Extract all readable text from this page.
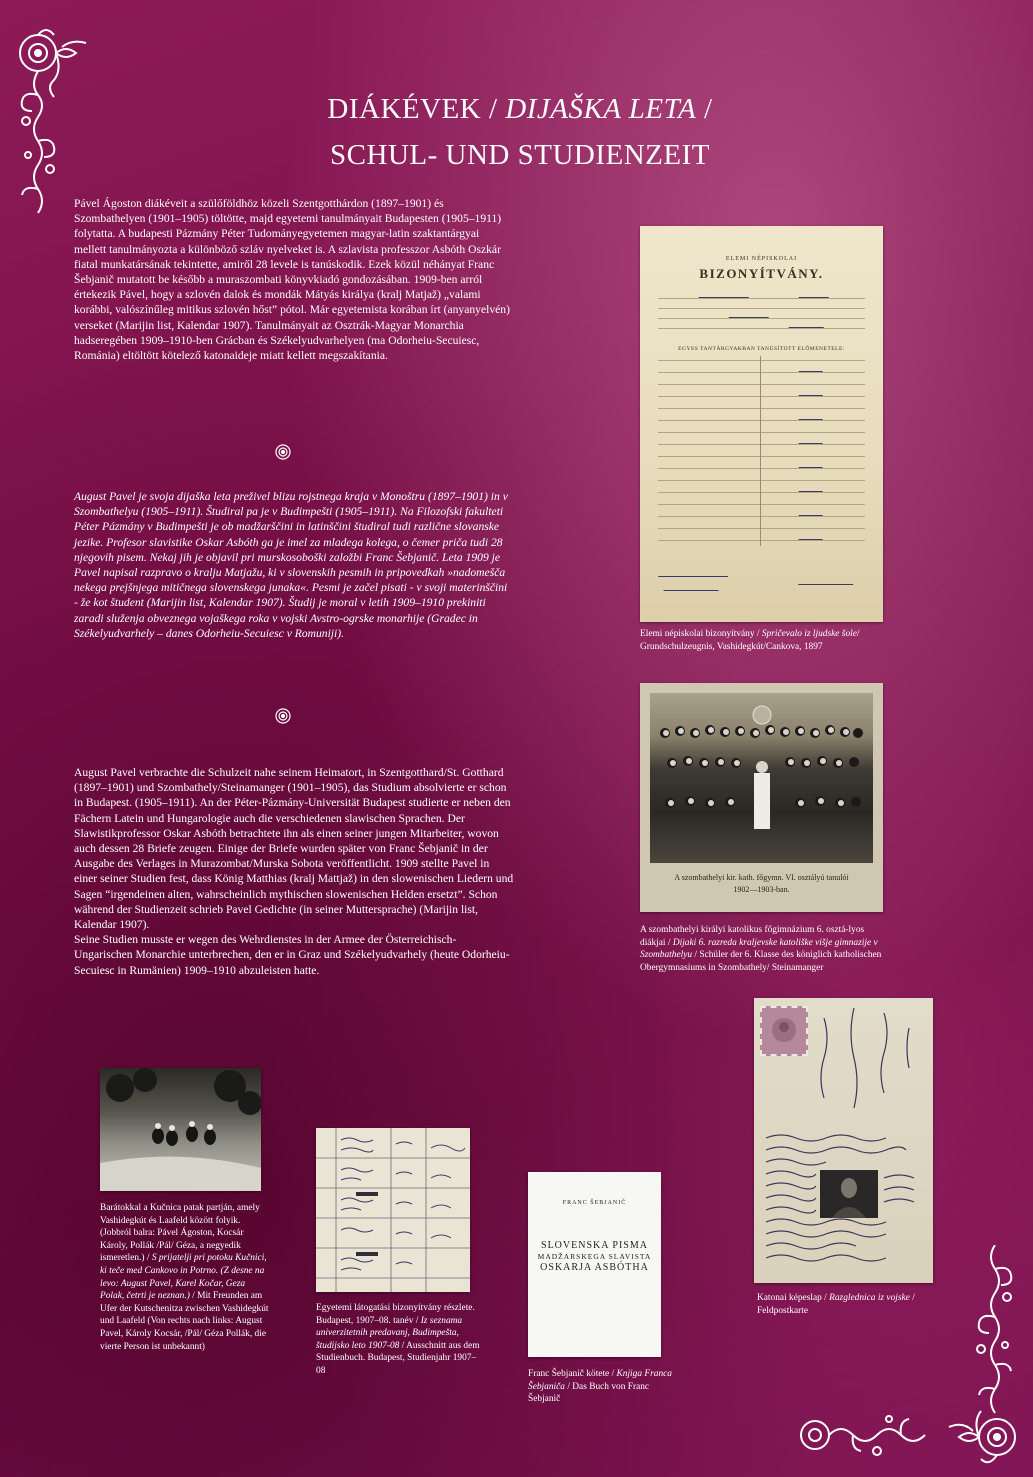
DIÁKÉVEK / DIJAŠKA LETA /
SCHUL- UND STUDIENZEIT
Pável Ágoston diákéveit a szülőföldhöz közeli Szentgotthárdon (1897–1901) és Szombathelyen (1901–1905) töltötte, majd egyetemi tanulmányait Budapesten (1905–1911) folytatta. A budapesti Pázmány Péter Tudományegyetemen magyar-latin szaktantárgyai mellett tanulmányozta a különböző szláv nyelveket is. A szlavista professzor Asbóth Oszkár fiatal munkatársának tekintette, amiről 28 levele is tanúskodik. Ezek közül néhányat Franc Šebjanič mutatott be később a muraszombati könyvkiadó gondozásában. 1909-ben arról értekezik Pável, hogy a szlovén dalok és mondák Mátyás királya (kralj Matjaž) „valami korábbi, valószínűleg mitikus szlovén hőst” pótol. Már egyetemista korában írt (anyanyelvén) verseket (Marijin list, Kalendar 1907). Tanulmányait az Osztrák-Magyar Monarchia hadseregében 1909–1910-ben Grácban és Székelyudvarhelyen (ma Odorheiu-Secuiesc, Románia) eltöltött kötelező katonaideje miatt kellett megszakítania.
August Pavel je svoja dijaška leta preživel blizu rojstnega kraja v Monoštru (1897–1901) in v Szombathelyu (1905–1911). Študiral pa je v Budimpešti (1905–1911). Na Filozofski fakulteti Péter Pázmány v Budimpešti je ob madžarščini in latinščini študiral tudi različne slovanske jezike. Profesor slavistike Oskar Asbóth ga je imel za mladega kolega, o čemer priča tudi 28 njegovih pisem. Nekaj jih je objavil pri murskosoboški založbi Franc Šebjanič. Leta 1909 je Pavel napisal razpravo o kralju Matjažu, ki v slovenskih pesmih in pripovedkah »nadomešča nekega prejšnjega mitičnega slovenskega junaka«. Pesmi je začel pisati - v svoji materinščini - že kot študent (Marijin list, Kalendar 1907). Študij je moral v letih 1909–1910 prekiniti zaradi služenja obveznega vojaškega roka v vojski Avstro-ogrske monarhije (Gradec in Székelyudvarhely – danes Odorheiu-Secuiesc v Romuniji).
August Pavel verbrachte die Schulzeit nahe seinem Heimatort, in Szentgotthard/St. Gotthard (1897–1901) und Szombathely/Steinamanger (1901–1905), das Studium absolvierte er schon in Budapest. (1905–1911). An der Péter-Pázmány-Universität Budapest studierte er neben den Fächern Latein und Hungarologie auch die verschiedenen slawischen Sprachen. Der Slawistikprofessor Oskar Asbóth betrachtete ihn als einen seiner jungen Mitarbeiter, wovon auch dessen 28 Briefe zeugen. Einige der Briefe wurden später von Franc Šebjanič in der Ausgabe des Verlages in Murazombat/Murska Sobota veröffentlicht. 1909 stellte Pavel in einer seiner Studien fest, dass König Matthias (kralj Mattjaž) in den slowenischen Liedern und Sagen “irgendeinen alten, wahrscheinlich mythischen slowenischen Helden ersetzt”. Schon während der Studienzeit schrieb Pavel Gedichte (in seiner Muttersprache) (Marijin list, Kalendar 1907).
Seine Studien musste er wegen des Wehrdienstes in der Armee der Österreichisch-Ungarischen Monarchie unterbrechen, den er in Graz und Székelyudvarhely (heute Odorheiu-Secuiesc in Rumänien) 1909–1910 abzuleisten hatte.
ELEMI NÉPISKOLAI
BIZONYÍTVÁNY.
EGYES TANTÁRGYAKBAN TANÚSÍTOTT ELŐMENETELE:
Elemi népiskolai bizonyítvány / Spričevalo iz ljudske šole/ Grundschulzeugnis, Vashidegkút/Cankova, 1897
A szombathelyi kir. kath. főgymn. VI. osztályú tanulói
1902—1903-ban.
A szombathelyi királyi katolikus főgimnázium 6. osztá-lyos diákjai / Dijaki 6. razreda kraljevske katoliške višje gimnazije v Szombathelyu / Schüler der 6. Klasse des königlich katholischen Obergymnasiums in Szombathely/ Steinamanger
Barátokkal a Kučnica patak partján, amely Vashidegkút és Laafeld között folyik. (Jobbról balra: Pável Ágoston, Kocsár Károly, Pollák /Pál/ Géza, a negyedik ismeretlen.) / S prijatelji pri potoku Kučnici, ki teče med Cankovo in Potrno. (Z desne na levo: August Pavel, Karel Kočar, Geza Polak, četrti je neznan.) / Mit Freunden am Ufer der Kutschenitza zwischen Vashidegkút und Laafeld (Von rechts nach links: August Pavel, Károly Kocsár, /Pál/ Géza Pollák, die vierte Person ist unbekannt)
Egyetemi látogatási bizonyítvány részlete. Budapest, 1907–08. tanév / Iz seznama univerzitetnih predavanj, Budimpešta, študijsko leto 1907-08 / Ausschnitt aus dem Studienbuch. Budapest, Studienjahr 1907–08
FRANC ŠEBJANIČ
SLOVENSKA PISMA
MADŽARSKEGA SLAVISTA
OSKARJA ASBÓTHA
Franc Šebjanič kötete / Knjiga Franca Šebjaniča / Das Buch von Franc Šebjanič
Katonai képeslap / Razglednica iz vojske / Feldpostkarte
